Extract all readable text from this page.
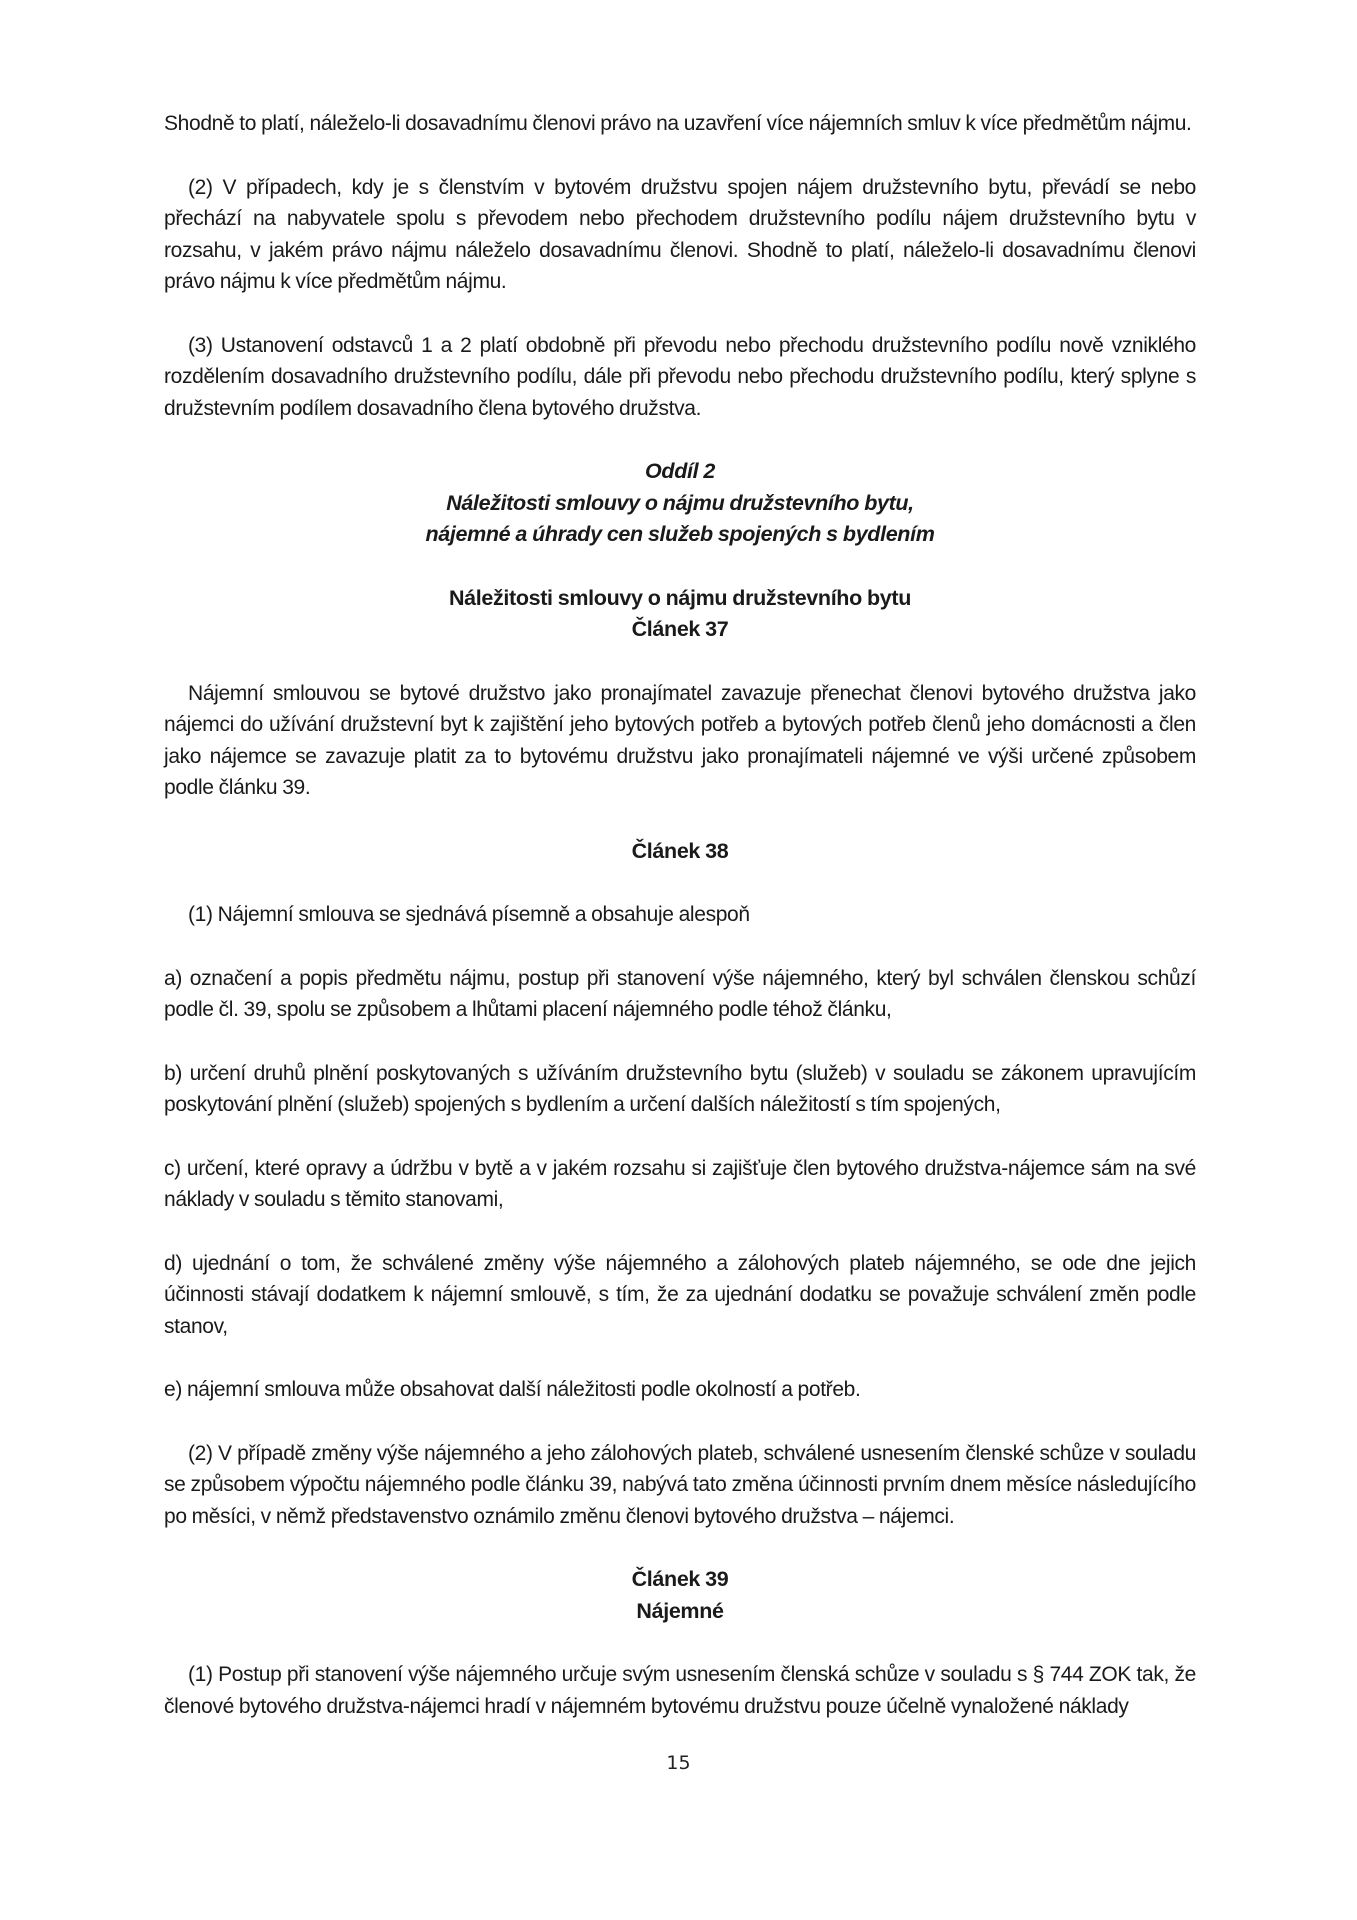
Shodně to platí, náleželo-li dosavadnímu členovi právo na uzavření více nájemních smluv k více předmětům nájmu.

(2) V případech, kdy je s členstvím v bytovém družstvu spojen nájem družstevního bytu, převádí se nebo přechází na nabyvatele spolu s převodem nebo přechodem družstevního podílu nájem družstevního bytu v rozsahu, v jakém právo nájmu náleželo dosavadnímu členovi. Shodně to platí, náleželo-li dosavadnímu členovi právo nájmu k více předmětům nájmu.

(3) Ustanovení odstavců 1 a 2 platí obdobně při převodu nebo přechodu družstevního podílu nově vzniklého rozdělením dosavadního družstevního podílu, dále při převodu nebo přechodu družstevního podílu, který splyne s družstevním podílem dosavadního člena bytového družstva.

Oddíl 2

Náležitosti smlouvy o nájmu družstevního bytu,

nájemné a úhrady cen služeb spojených s bydlením

Náležitosti smlouvy o nájmu družstevního bytu

Článek 37

Nájemní smlouvou se bytové družstvo jako pronajímatel zavazuje přenechat členovi bytového družstva jako nájemci do užívání družstevní byt k zajištění jeho bytových potřeb a bytových potřeb členů jeho domácnosti a člen jako nájemce se zavazuje platit za to bytovému družstvu jako pronajímateli nájemné ve výši určené způsobem podle článku 39.

Článek 38

(1) Nájemní smlouva se sjednává písemně a obsahuje alespoň

a) označení a popis předmětu nájmu, postup při stanovení výše nájemného, který byl schválen členskou schůzí podle čl. 39, spolu se způsobem a lhůtami placení nájemného podle téhož článku,

b) určení druhů plnění poskytovaných s užíváním družstevního bytu (služeb) v souladu se zákonem upravujícím poskytování plnění (služeb) spojených s bydlením a určení dalších náležitostí s tím spojených,

c) určení, které opravy a údržbu v bytě a v jakém rozsahu si zajišťuje člen bytového družstva-nájemce sám na své náklady v souladu s těmito stanovami,

d) ujednání o tom, že schválené změny výše nájemného a zálohových plateb nájemného, se ode dne jejich účinnosti stávají dodatkem k nájemní smlouvě, s tím, že za ujednání dodatku se považuje schválení změn podle stanov,

e) nájemní smlouva může obsahovat další náležitosti podle okolností a potřeb.

(2) V případě změny výše nájemného a jeho zálohových plateb, schválené usnesením členské schůze v souladu se způsobem výpočtu nájemného podle článku 39, nabývá tato změna účinnosti prvním dnem měsíce následujícího po měsíci, v němž představenstvo oznámilo změnu členovi bytového družstva – nájemci.

Článek 39

Nájemné

(1) Postup při stanovení výše nájemného určuje svým usnesením členská schůze v souladu s § 744 ZOK tak, že členové bytového družstva-nájemci hradí v nájemném bytovému družstvu pouze účelně vynaložené náklady

15
